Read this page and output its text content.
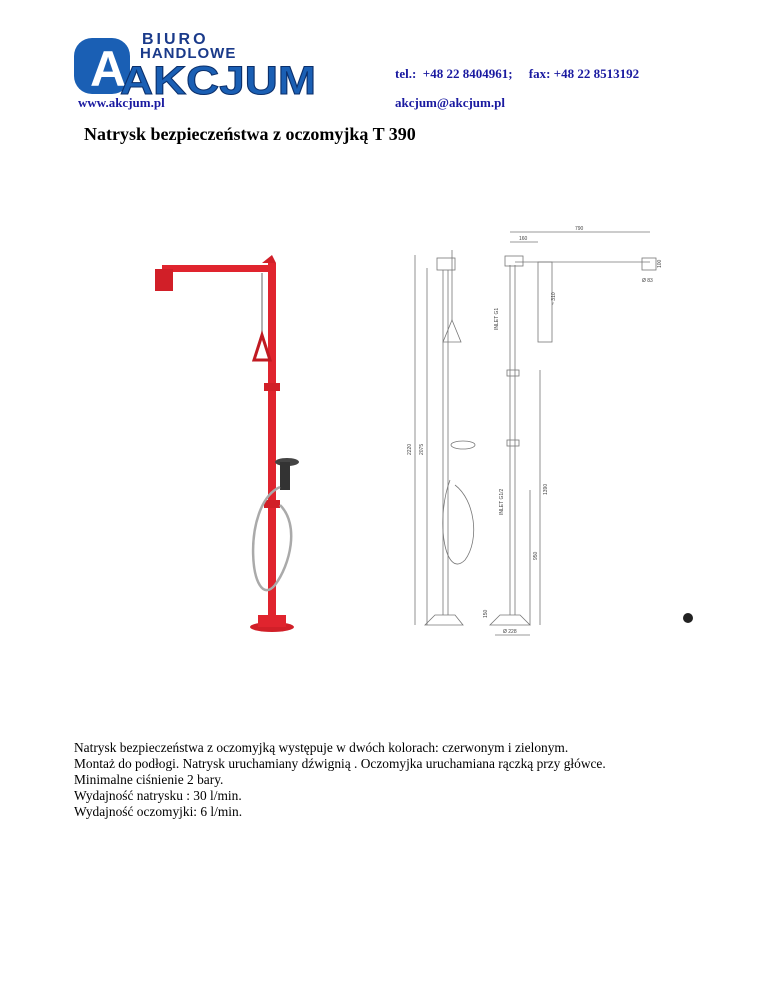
A
BIURO
HANDLOWE
AKCJUM
www.akcjum.pl
tel.:  +48 22 8404961;     fax: +48 22 8513192
akcjum@akcjum.pl
Natrysk bezpieczeństwa z oczomyjką T 390
790
160
~ 310
INLET G1
2220 2075
INLET G1/2	1390
950
150
Ø 228
Ø 83
100
Natrysk bezpieczeństwa z oczomyjką występuje w dwóch kolorach: czerwonym i zielonym.
Montaż do podłogi. Natrysk uruchamiany dźwignią . Oczomyjka uruchamiana rączką przy główce.
Minimalne ciśnienie 2 bary.
Wydajność natrysku : 30 l/min.
Wydajność oczomyjki: 6 l/min.
